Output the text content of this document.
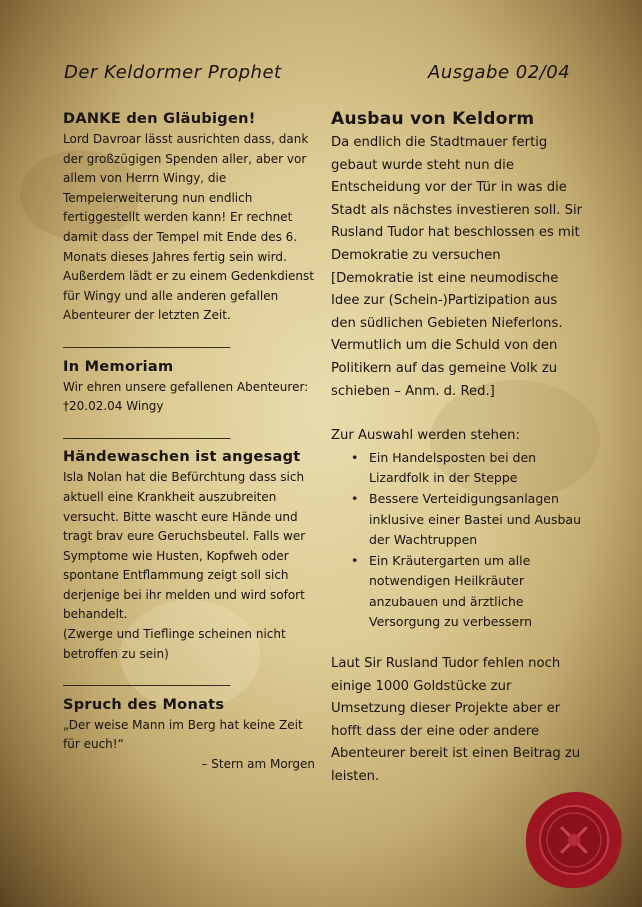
Der Keldormer Prophet	Ausgabe 02/04
DANKE den Gläubigen!

Lord Davroar lässt ausrichten dass, dank der großzügigen Spenden aller, aber vor allem von Herrn Wingy, die Tempelerweiterung nun endlich fertiggestellt werden kann! Er rechnet damit dass der Tempel mit Ende des 6. Monats dieses Jahres fertig sein wird.

Außerdem lädt er zu einem Gedenkdienst für Wingy und alle anderen gefallen Abenteurer der letzten Zeit.

___________________________
In Memoriam

Wir ehren unsere gefallenen Abenteurer:

†20.02.04 Wingy

___________________________
Händewaschen ist angesagt

Isla Nolan hat die Befürchtung dass sich aktuell eine Krankheit auszubreiten versucht. Bitte wascht eure Hände und tragt brav eure Geruchsbeutel. Falls wer Symptome wie Husten, Kopfweh oder spontane Entflammung zeigt soll sich derjenige bei ihr melden und wird sofort behandelt.

(Zwerge und Tieflinge scheinen nicht betroffen zu sein)

___________________________
Spruch des Monats

„Der weise Mann im Berg hat keine Zeit für euch!“

– Stern am Morgen

Ausbau von Keldorm

Da endlich die Stadtmauer fertig gebaut wurde steht nun die Entscheidung vor der Tür in was die Stadt als nächstes investieren soll. Sir Rusland Tudor hat beschlossen es mit Demokratie zu versuchen [Demokratie ist eine neumodische Idee zur (Schein-)Partizipation aus den südlichen Gebieten Nieferlons. Vermutlich um die Schuld von den Politikern auf das gemeine Volk zu schieben – Anm. d. Red.]

Zur Auswahl werden stehen:

• Ein Handelsposten bei den Lizardfolk in der Steppe
• Bessere Verteidigungsanlagen inklusive einer Bastei und Ausbau der Wachtruppen
• Ein Kräutergarten um alle notwendigen Heilkräuter anzubauen und ärztliche Versorgung zu verbessern

Laut Sir Rusland Tudor fehlen noch einige 1000 Goldstücke zur Umsetzung dieser Projekte aber er hofft dass der eine oder andere Abenteurer bereit ist einen Beitrag zu leisten.
